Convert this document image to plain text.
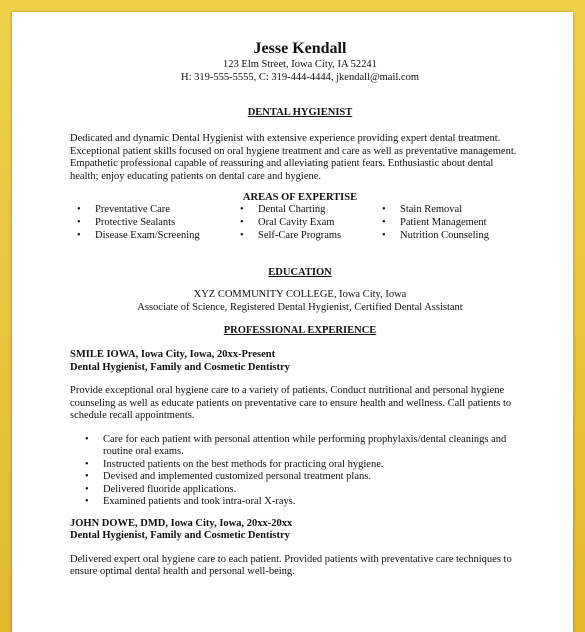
Jesse Kendall
123 Elm Street, Iowa City, IA 52241
H: 319-555-5555, C: 319-444-4444, jkendall@mail.com
DENTAL HYGIENIST
Dedicated and dynamic Dental Hygienist with extensive experience providing expert dental treatment.
Exceptional patient skills focused on oral hygiene treatment and care as well as preventative management.
Empathetic professional capable of reassuring and alleviating patient fears. Enthusiastic about dental
health; enjoy educating patients on dental care and hygiene.
AREAS OF EXPERTISE
• Preventative Care
• Protective Sealants
• Disease Exam/Screening
• Dental Charting
• Oral Cavity Exam
• Self-Care Programs
• Stain Removal
• Patient Management
• Nutrition Counseling
EDUCATION
XYZ COMMUNITY COLLEGE, Iowa City, Iowa
Associate of Science, Registered Dental Hygienist, Certified Dental Assistant
PROFESSIONAL EXPERIENCE
SMILE IOWA, Iowa City, Iowa, 20xx-Present
Dental Hygienist, Family and Cosmetic Dentistry
Provide exceptional oral hygiene care to a variety of patients. Conduct nutritional and personal hygiene
counseling as well as educate patients on preventative care to ensure health and wellness. Call patients to
schedule recall appointments.
• Care for each patient with personal attention while performing prophylaxis/dental cleanings and
routine oral exams.
• Instructed patients on the best methods for practicing oral hygiene.
• Devised and implemented customized personal treatment plans.
• Delivered fluoride applications.
• Examined patients and took intra-oral X-rays.
JOHN DOWE, DMD, Iowa City, Iowa, 20xx-20xx
Dental Hygienist, Family and Cosmetic Dentistry
Delivered expert oral hygiene care to each patient. Provided patients with preventative care techniques to
ensure optimal dental health and personal well-being.
